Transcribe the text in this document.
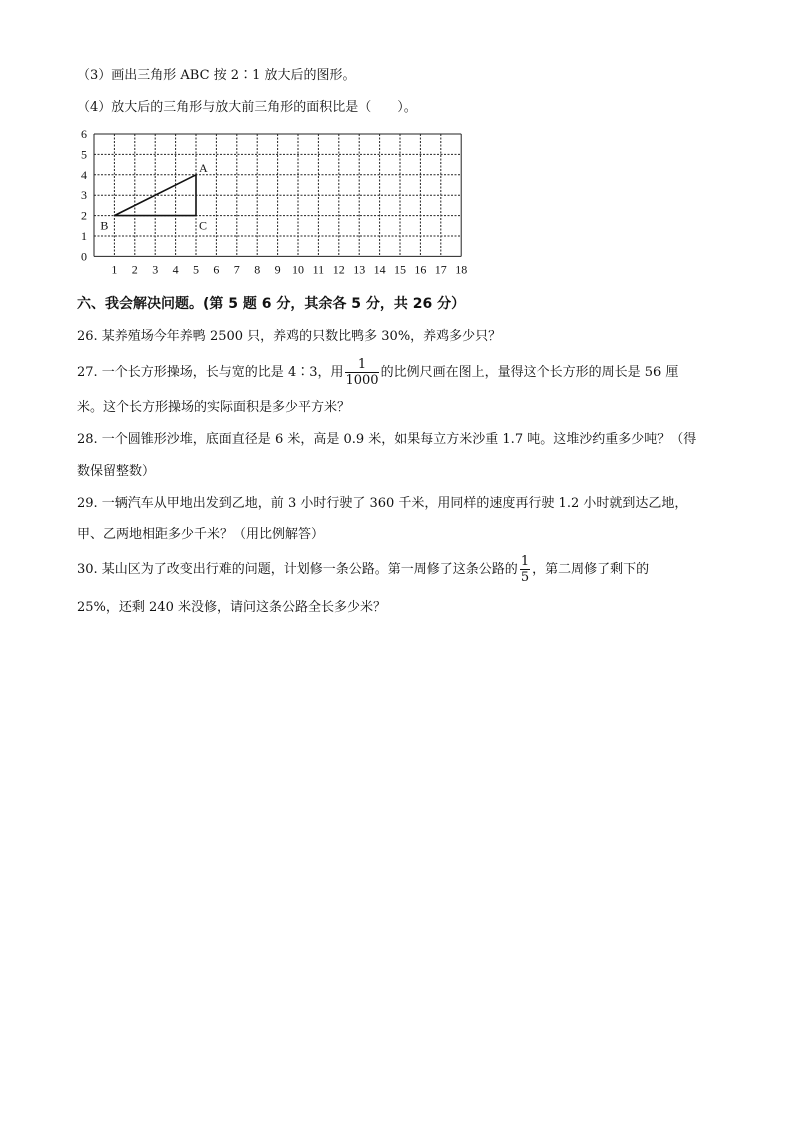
（3）画出三角形 ABC 按 2∶1 放大后的图形。
（4）放大后的三角形与放大前三角形的面积比是（　　）。
1 2 3 4 5 6 7 8 9 10 11 12 13 14 15 16 17 18
0
1
2
3
4
5
6
A
B	C
六、我会解决问题。(第 5 题 6 分，其余各 5 分，共 26 分）
26. 某养殖场今年养鸭 2500 只，养鸡的只数比鸭多 30%，养鸡多少只？
27. 一个长方形操场，长与宽的比是 4∶3，用 $\frac{1}{1000}$ 的比例尺画在图上，量得这个长方形的周长是 56 厘
米。这个长方形操场的实际面积是多少平方米？
28. 一个圆锥形沙堆，底面直径是 6 米，高是 0.9 米，如果每立方米沙重 1.7 吨。这堆沙约重多少吨？（得
数保留整数）
29. 一辆汽车从甲地出发到乙地，前 3 小时行驶了 360 千米，用同样的速度再行驶 1.2 小时就到达乙地，
甲、乙两地相距多少千米？（用比例解答）
30. 某山区为了改变出行难的问题，计划修一条公路。第一周修了这条公路的 $\frac{1}{5}$ ，第二周修了剩下的
25%，还剩 240 米没修，请问这条公路全长多少米？
